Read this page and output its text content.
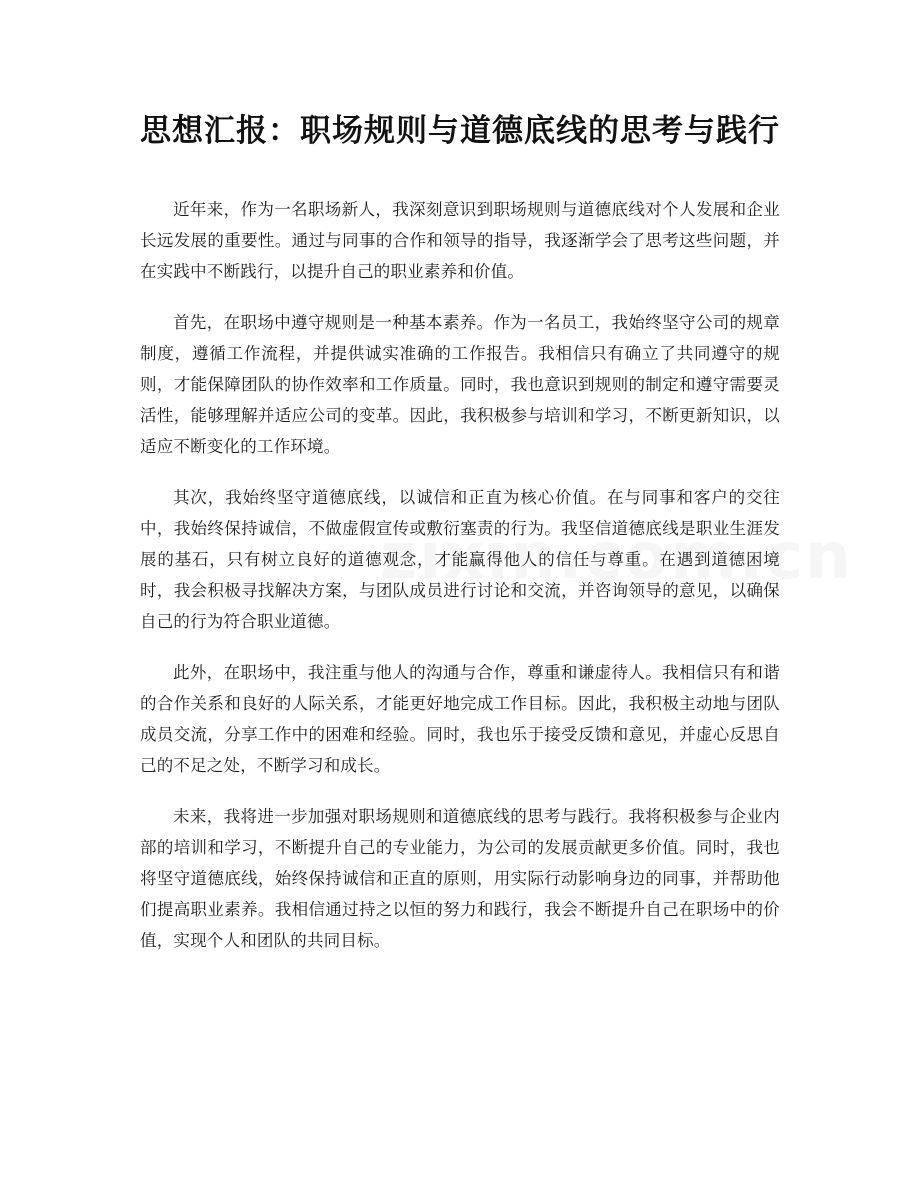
思想汇报：职场规则与道德底线的思考与践行

近年来，作为一名职场新人，我深刻意识到职场规则与道德底线对个人发展和企业长远发展的重要性。通过与同事的合作和领导的指导，我逐渐学会了思考这些问题，并在实践中不断践行，以提升自己的职业素养和价值。

首先，在职场中遵守规则是一种基本素养。作为一名员工，我始终坚守公司的规章制度，遵循工作流程，并提供诚实准确的工作报告。我相信只有确立了共同遵守的规则，才能保障团队的协作效率和工作质量。同时，我也意识到规则的制定和遵守需要灵活性，能够理解并适应公司的变革。因此，我积极参与培训和学习，不断更新知识，以适应不断变化的工作环境。

其次，我始终坚守道德底线，以诚信和正直为核心价值。在与同事和客户的交往中，我始终保持诚信，不做虚假宣传或敷衍塞责的行为。我坚信道德底线是职业生涯发展的基石，只有树立良好的道德观念，才能赢得他人的信任与尊重。在遇到道德困境时，我会积极寻找解决方案，与团队成员进行讨论和交流，并咨询领导的意见，以确保自己的行为符合职业道德。

此外，在职场中，我注重与他人的沟通与合作，尊重和谦虚待人。我相信只有和谐的合作关系和良好的人际关系，才能更好地完成工作目标。因此，我积极主动地与团队成员交流，分享工作中的困难和经验。同时，我也乐于接受反馈和意见，并虚心反思自己的不足之处，不断学习和成长。

未来，我将进一步加强对职场规则和道德底线的思考与践行。我将积极参与企业内部的培训和学习，不断提升自己的专业能力，为公司的发展贡献更多价值。同时，我也将坚守道德底线，始终保持诚信和正直的原则，用实际行动影响身边的同事，并帮助他们提高职业素养。我相信通过持之以恒的努力和践行，我会不断提升自己在职场中的价值，实现个人和团队的共同目标。
